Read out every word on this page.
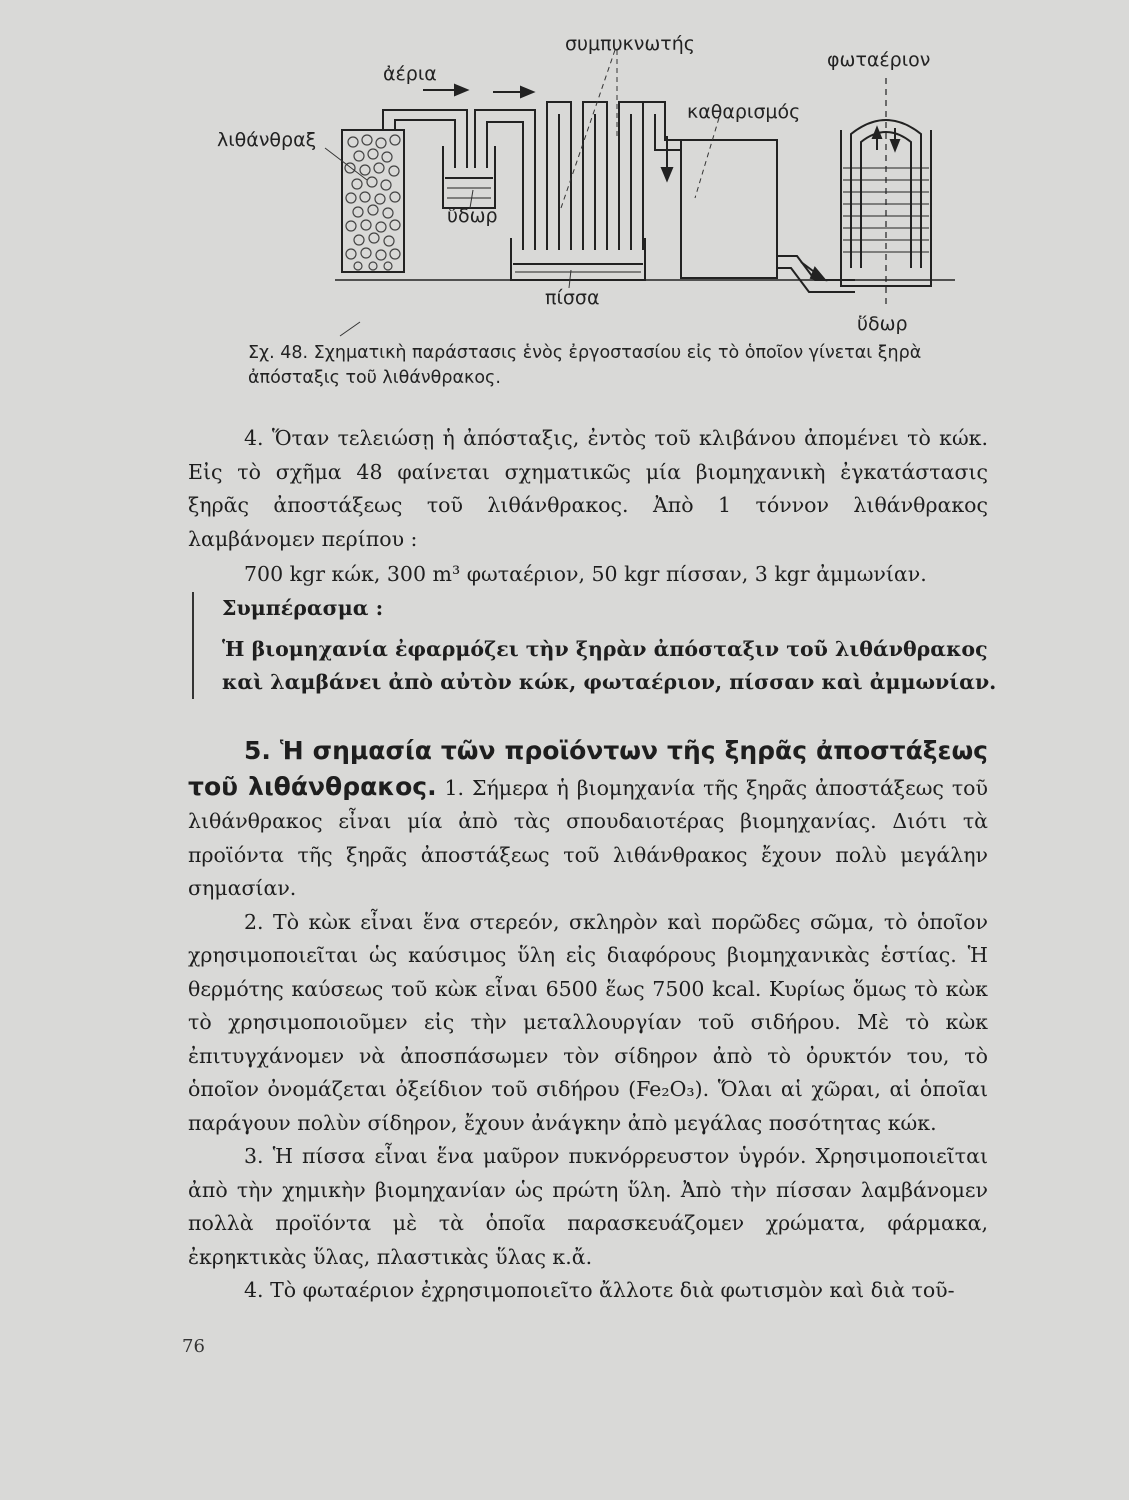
συμπυκνωτής
ἀέρια
φωταέριον
καθαρισμός
λιθάνθραξ
ὕδωρ
πίσσα
ὕδωρ
Σχ. 48. Σχηματικὴ παράστασις ἑνὸς ἐργοστασίου εἰς τὸ ὁποῖον γίνεται ξηρὰ ἀπόσταξις τοῦ λιθάνθρακος.

4. Ὅταν τελειώσῃ ἡ ἀπόσταξις, ἐντὸς τοῦ κλιβάνου ἀπομένει τὸ κώκ. Εἰς τὸ σχῆμα 48 φαίνεται σχηματικῶς μία βιομηχανικὴ ἐγκατάστασις ξηρᾶς ἀποστάξεως τοῦ λιθάνθρακος. Ἀπὸ 1 τόννον λιθάνθρακος λαμβάνομεν περίπου :

700 kgr κώκ, 300 m³ φωταέριον, 50 kgr πίσσαν, 3 kgr ἀμμωνίαν.

Συμπέρασμα :
Ἡ βιομηχανία ἐφαρμόζει τὴν ξηρὰν ἀπόσταξιν τοῦ λιθάνθρακος καὶ λαμβάνει ἀπὸ αὐτὸν κώκ, φωταέριον, πίσσαν καὶ ἀμμωνίαν.

5. Ἡ σημασία τῶν προϊόντων τῆς ξηρᾶς ἀποστάξεως τοῦ λιθάνθρακος. 1. Σήμερα ἡ βιομηχανία τῆς ξηρᾶς ἀποστάξεως τοῦ λιθάνθρακος εἶναι μία ἀπὸ τὰς σπουδαιοτέρας βιομηχανίας. Διότι τὰ προϊόντα τῆς ξηρᾶς ἀποστάξεως τοῦ λιθάνθρακος ἔχουν πολὺ μεγάλην σημασίαν.

2. Τὸ κὼκ εἶναι ἕνα στερεόν, σκληρὸν καὶ πορῶδες σῶμα, τὸ ὁποῖον χρησιμοποιεῖται ὡς καύσιμος ὕλη εἰς διαφόρους βιομηχανικὰς ἑστίας. Ἡ θερμότης καύσεως τοῦ κὼκ εἶναι 6500 ἕως 7500 kcal. Κυρίως ὅμως τὸ κὼκ τὸ χρησιμοποιοῦμεν εἰς τὴν μεταλλουργίαν τοῦ σιδήρου. Μὲ τὸ κὼκ ἐπιτυγχάνομεν νὰ ἀποσπάσωμεν τὸν σίδηρον ἀπὸ τὸ ὀρυκτόν του, τὸ ὁποῖον ὀνομάζεται ὀξείδιον τοῦ σιδήρου (Fe₂O₃). Ὅλαι αἱ χῶραι, αἱ ὁποῖαι παράγουν πολὺν σίδηρον, ἔχουν ἀνάγκην ἀπὸ μεγάλας ποσότητας κώκ.

3. Ἡ πίσσα εἶναι ἕνα μαῦρον πυκνόρρευστον ὑγρόν. Χρησιμοποιεῖται ἀπὸ τὴν χημικὴν βιομηχανίαν ὡς πρώτη ὕλη. Ἀπὸ τὴν πίσσαν λαμβάνομεν πολλὰ προϊόντα μὲ τὰ ὁποῖα παρασκευάζομεν χρώματα, φάρμακα, ἐκρηκτικὰς ὕλας, πλαστικὰς ὕλας κ.ἄ.

4. Τὸ φωταέριον ἐχρησιμοποιεῖτο ἄλλοτε διὰ φωτισμὸν καὶ διὰ τοῦ-

76
